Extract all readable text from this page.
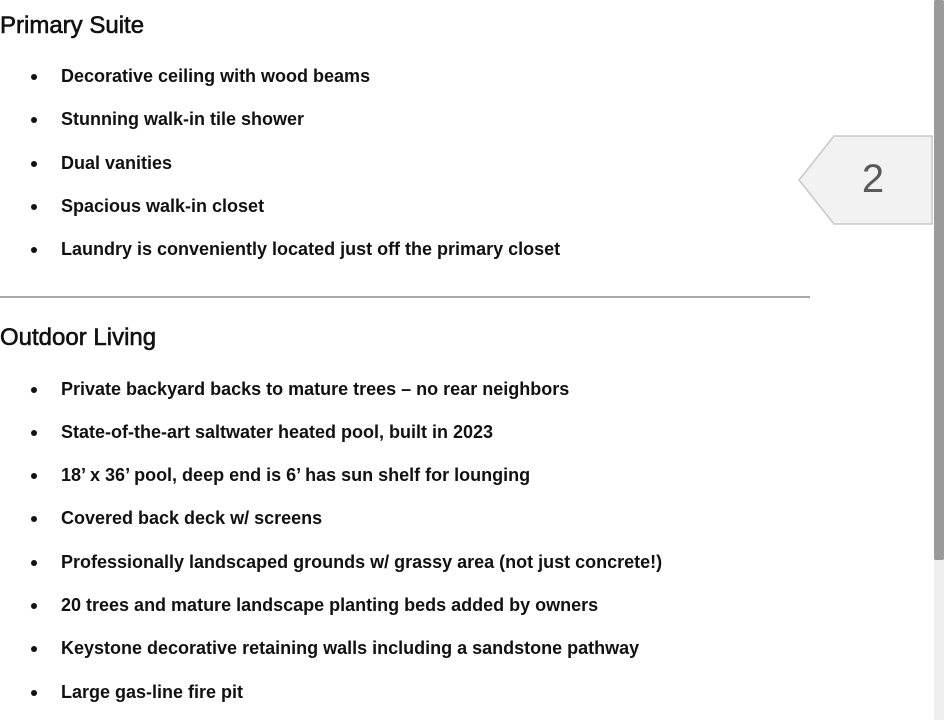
Primary Suite
Decorative ceiling with wood beams
Stunning walk-in tile shower
Dual vanities
Spacious walk-in closet
Laundry is conveniently located just off the primary closet
Outdoor Living
Private backyard backs to mature trees – no rear neighbors
State-of-the-art saltwater heated pool, built in 2023
18’ x 36’ pool, deep end is 6’ has sun shelf for lounging
Covered back deck w/ screens
Professionally landscaped grounds w/ grassy area (not just concrete!)
20 trees and mature landscape planting beds added by owners
Keystone decorative retaining walls including a sandstone pathway
Large gas-line fire pit
2
